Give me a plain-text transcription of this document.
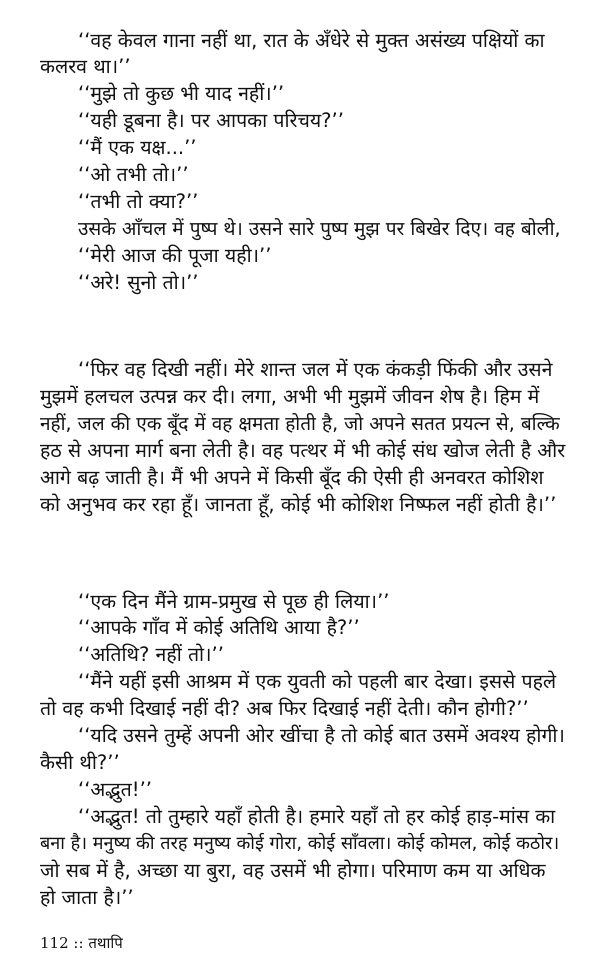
‘‘वह केवल गाना नहीं था, रात के अँधेरे से मुक्त असंख्य पक्षियों का
कलरव था।’’
‘‘मुझे तो कुछ भी याद नहीं।’’
‘‘यही डूबना है। पर आपका परिचय?’’
‘‘मैं एक यक्ष...’’
‘‘ओ तभी तो।’’
‘‘तभी तो क्या?’’
उसके आँचल में पुष्प थे। उसने सारे पुष्प मुझ पर बिखेर दिए। वह बोली,
‘‘मेरी आज की पूजा यही।’’
‘‘अरे! सुनो तो।’’
‘‘फिर वह दिखी नहीं। मेरे शान्त जल में एक कंकड़ी फिंकी और उसने
मुझमें हलचल उत्पन्न कर दी। लगा, अभी भी मुझमें जीवन शेष है। हिम में
नहीं, जल की एक बूँद में वह क्षमता होती है, जो अपने सतत प्रयत्न से, बल्कि
हठ से अपना मार्ग बना लेती है। वह पत्थर में भी कोई संध खोज लेती है और
आगे बढ़ जाती है। मैं भी अपने में किसी बूँद की ऐसी ही अनवरत कोशिश
को अनुभव कर रहा हूँ। जानता हूँ, कोई भी कोशिश निष्फल नहीं होती है।’’
‘‘एक दिन मैंने ग्राम-प्रमुख से पूछ ही लिया।’’
‘‘आपके गाँव में कोई अतिथि आया है?’’
‘‘अतिथि? नहीं तो।’’
‘‘मैंने यहीं इसी आश्रम में एक युवती को पहली बार देखा। इससे पहले
तो वह कभी दिखाई नहीं दी? अब फिर दिखाई नहीं देती। कौन होगी?’’
‘‘यदि उसने तुम्हें अपनी ओर खींचा है तो कोई बात उसमें अवश्य होगी।
कैसी थी?’’
‘‘अद्भुत!’’
‘‘अद्भुत! तो तुम्हारे यहाँ होती है। हमारे यहाँ तो हर कोई हाड़-मांस का
बना है। मनुष्य की तरह मनुष्य कोई गोरा, कोई साँवला। कोई कोमल, कोई कठोर।
जो सब में है, अच्छा या बुरा, वह उसमें भी होगा। परिमाण कम या अधिक
हो जाता है।’’
112 :: तथापि
